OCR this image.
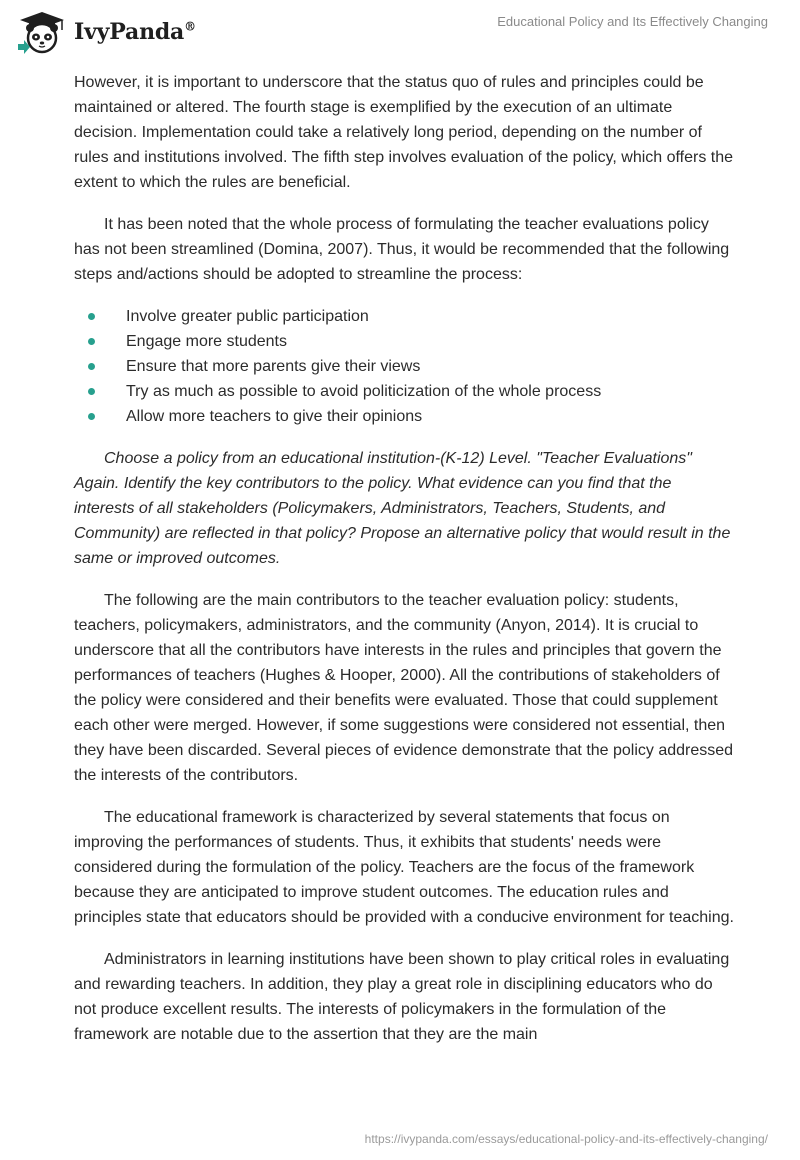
IvyPanda®	Educational Policy and Its Effectively Changing

However, it is important to underscore that the status quo of rules and principles could be maintained or altered. The fourth stage is exemplified by the execution of an ultimate decision. Implementation could take a relatively long period, depending on the number of rules and institutions involved. The fifth step involves evaluation of the policy, which offers the extent to which the rules are beneficial.

It has been noted that the whole process of formulating the teacher evaluations policy has not been streamlined (Domina, 2007). Thus, it would be recommended that the following steps and/actions should be adopted to streamline the process:

Involve greater public participation
Engage more students
Ensure that more parents give their views
Try as much as possible to avoid politicization of the whole process
Allow more teachers to give their opinions

Choose a policy from an educational institution-(K-12) Level. "Teacher Evaluations" Again. Identify the key contributors to the policy. What evidence can you find that the interests of all stakeholders (Policymakers, Administrators, Teachers, Students, and Community) are reflected in that policy? Propose an alternative policy that would result in the same or improved outcomes.

The following are the main contributors to the teacher evaluation policy: students, teachers, policymakers, administrators, and the community (Anyon, 2014). It is crucial to underscore that all the contributors have interests in the rules and principles that govern the performances of teachers (Hughes & Hooper, 2000). All the contributions of stakeholders of the policy were considered and their benefits were evaluated. Those that could supplement each other were merged. However, if some suggestions were considered not essential, then they have been discarded. Several pieces of evidence demonstrate that the policy addressed the interests of the contributors.

The educational framework is characterized by several statements that focus on improving the performances of students. Thus, it exhibits that students' needs were considered during the formulation of the policy. Teachers are the focus of the framework because they are anticipated to improve student outcomes. The education rules and principles state that educators should be provided with a conducive environment for teaching.

Administrators in learning institutions have been shown to play critical roles in evaluating and rewarding teachers. In addition, they play a great role in disciplining educators who do not produce excellent results. The interests of policymakers in the formulation of the framework are notable due to the assertion that they are the main

https://ivypanda.com/essays/educational-policy-and-its-effectively-changing/
